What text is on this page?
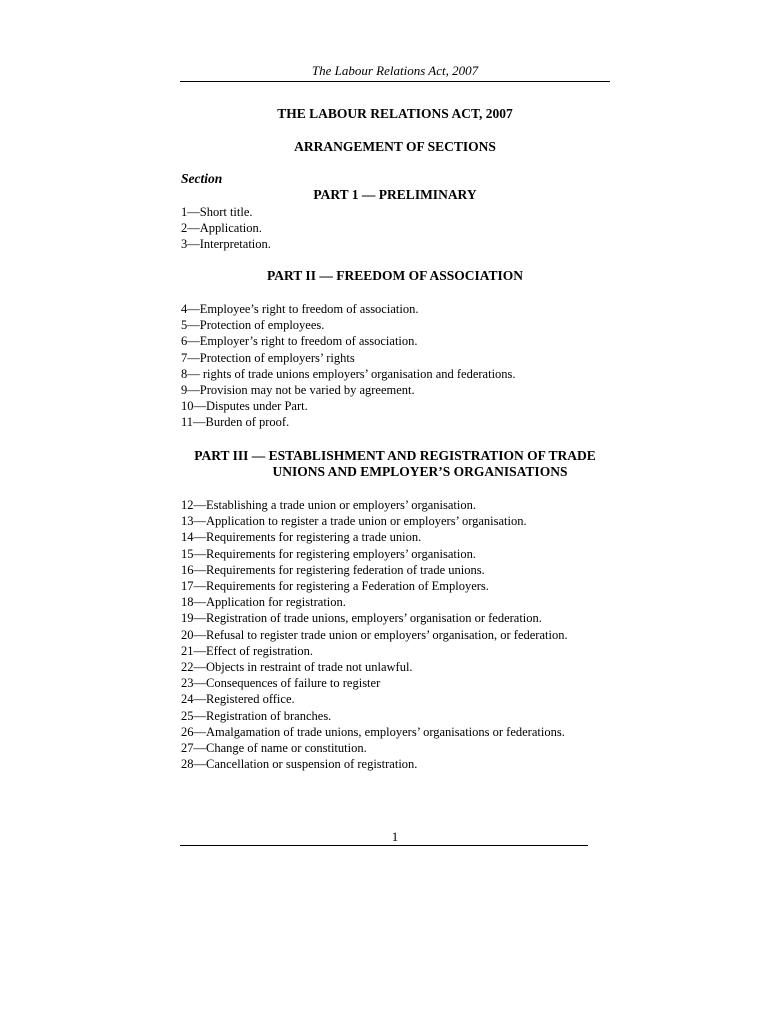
The Labour Relations Act, 2007
THE LABOUR RELATIONS ACT, 2007
ARRANGEMENT OF SECTIONS
Section
PART 1 — PRELIMINARY
1—Short title.
2—Application.
3—Interpretation.
PART II — FREEDOM OF ASSOCIATION
4—Employee’s right to freedom of association.
5—Protection of employees.
6—Employer’s right to freedom of association.
7—Protection of employers’ rights
8— rights of trade unions employers’ organisation and federations.
9—Provision may not be varied by agreement.
10—Disputes under Part.
11—Burden of proof.
PART III — ESTABLISHMENT AND REGISTRATION OF TRADE
UNIONS AND EMPLOYER’S ORGANISATIONS
12—Establishing a trade union or employers’ organisation.
13—Application to register a trade union or employers’ organisation.
14—Requirements for registering a trade union.
15—Requirements for registering employers’ organisation.
16—Requirements for registering federation of trade unions.
17—Requirements for registering a Federation of Employers.
18—Application for registration.
19—Registration of trade unions, employers’ organisation or federation.
20—Refusal to register trade union or employers’ organisation, or federation.
21—Effect of registration.
22—Objects in restraint of trade not unlawful.
23—Consequences of failure to register
24—Registered office.
25—Registration of branches.
26—Amalgamation of trade unions, employers’ organisations or federations.
27—Change of name or constitution.
28—Cancellation or suspension of registration.
1
